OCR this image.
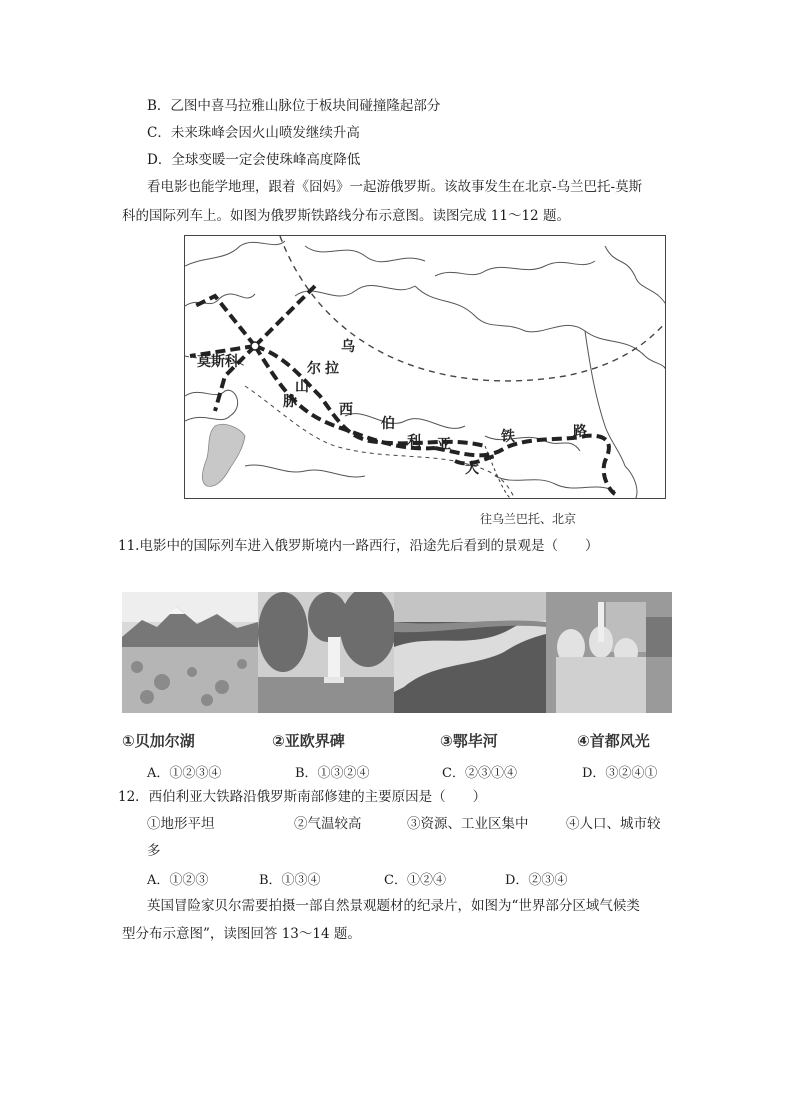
B．乙图中喜马拉雅山脉位于板块间碰撞隆起部分
C．未来珠峰会因火山喷发继续升高
D．全球变暖一定会使珠峰高度降低
看电影也能学地理，跟着《囧妈》一起游俄罗斯。该故事发生在北京-乌兰巴托-莫斯
科的国际列车上。如图为俄罗斯铁路线分布示意图。读图完成 11～12 题。
莫斯科
乌
拉
尔
山
脉	西
伯
利 亚
大
铁	路
往乌兰巴托、北京
11.电影中的国际列车进入俄罗斯境内一路西行，沿途先后看到的景观是（　　）
①贝加尔湖	②亚欧界碑	③鄂毕河	④首都风光
A．①②③④	B．①③②④	C．②③①④	D．③②④①
12．西伯利亚大铁路沿俄罗斯南部修建的主要原因是（　　）
①地形平坦	②气温较高	③资源、工业区集中	④人口、城市较
多
A．①②③	B．①③④	C．①②④	D．②③④
英国冒险家贝尔需要拍摄一部自然景观题材的纪录片，如图为“世界部分区域气候类
型分布示意图”，读图回答 13～14 题。
